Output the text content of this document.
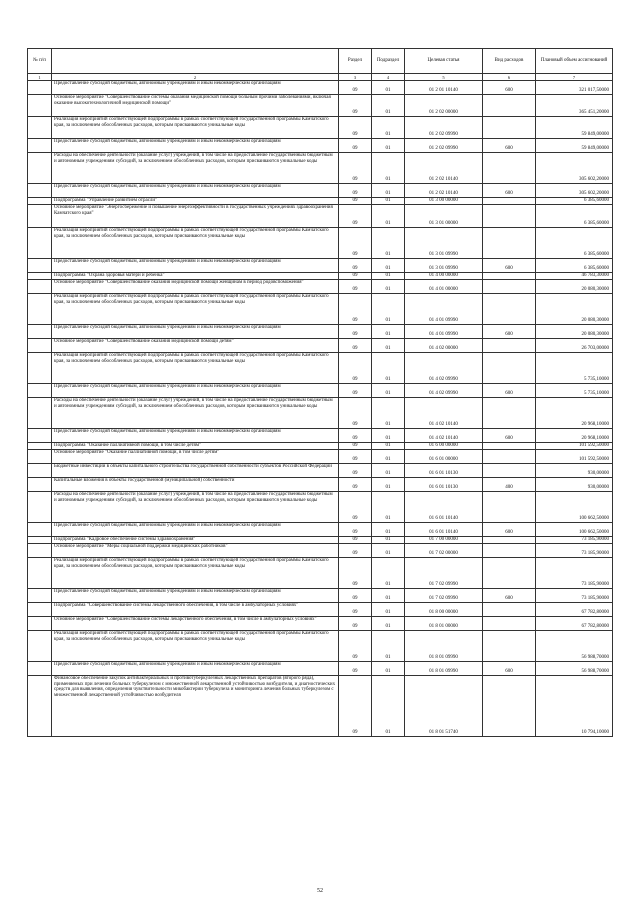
№ п/п		Раздел	Подраздел	Целевая статья	Вид расходов	Плановый объем ассигнований
1	2	3	4	5	6	7
	Предоставление субсидий бюджетным, автономным учреждениям и иным некоммерческим организациям	09	01	01 2 01 10140	600	321 017,50000
	Основное мероприятие "Совершенствование системы оказания медицинской помощи больным прочими заболеваниями, включая оказание высокотехнологичной медицинской помощи"	09	01	01 2 02 00000		365 451,20000
	Реализация мероприятий соответствующей подпрограммы в рамках соответствующей государственной программы Камчатского края, за исключением обособленных расходов, которым присваиваются уникальные коды	09	01	01 2 02 09990		59 849,00000
	Предоставление субсидий бюджетным, автономным учреждениям и иным некоммерческим организациям	09	01	01 2 02 09990	600	59 849,00000
	Расходы на обеспечение деятельности (оказание услуг) учреждений, в том числе на предоставление государственным бюджетным и автономным учреждениям субсидий, за исключением обособленных расходов, которым присваиваются уникальные коды	09	01	01 2 02 10140		305 602,20000
	Предоставление субсидий бюджетным, автономным учреждениям и иным некоммерческим организациям	09	01	01 2 02 10140	600	305 602,20000
	Подпрограмма "Управление развитием отрасли"	09	01	01 3 00 00000		6 385,60000
	Основное мероприятие "Энергосбережение и повышение энергоэффективности в государственных учреждениях здравоохранения Камчатского края"	09	01	01 3 01 00000		6 385,60000
	Реализация мероприятий соответствующей подпрограммы в рамках соответствующей государственной программы Камчатского края, за исключением обособленных расходов, которым присваиваются уникальные коды	09	01	01 3 01 09990		6 385,60000
	Предоставление субсидий бюджетным, автономным учреждениям и иным некоммерческим организациям	09	01	01 3 01 09990	600	6 385,60000
	Подпрограмма "Охрана здоровья матери и ребенка"	09	01	01 4 00 00000		46 783,30000
	Основное мероприятие "Совершенствование оказания медицинской помощи женщинам в период родовспоможения"	09	01	01 4 01 00000		20 080,30000
	Реализация мероприятий соответствующей подпрограммы в рамках соответствующей государственной программы Камчатского края, за исключением обособленных расходов, которым присваиваются уникальные коды	09	01	01 4 01 09990		20 080,30000
	Предоставление субсидий бюджетным, автономным учреждениям и иным некоммерческим организациям	09	01	01 4 01 09990	600	20 080,30000
	Основное мероприятие "Совершенствование оказания медицинской помощи детям"	09	01	01 4 02 00000		26 703,00000
	Реализация мероприятий соответствующей подпрограммы в рамках соответствующей государственной программы Камчатского края, за исключением обособленных расходов, которым присваиваются уникальные коды	09	01	01 4 02 09990		5 735,10000
	Предоставление субсидий бюджетным, автономным учреждениям и иным некоммерческим организациям	09	01	01 4 02 09990	600	5 735,10000
	Расходы на обеспечение деятельности (оказание услуг) учреждений, в том числе на предоставление государственным бюджетным и автономным учреждениям субсидий, за исключением обособленных расходов, которым присваиваются уникальные коды	09	01	01 4 02 10140		20 968,10000
	Предоставление субсидий бюджетным, автономным учреждениям и иным некоммерческим организациям	09	01	01 4 02 10140	600	20 968,10000
	Подпрограмма "Оказание паллиативной помощи, в том числе детям"	09	01	01 6 00 00000		101 592,50000
	Основное мероприятие "Оказание паллиативной помощи, в том числе детям"	09	01	01 6 01 00000		101 592,50000
	Бюджетные инвестиции в объекты капитального строительства государственной собственности субъектов Российской Федерации	09	01	01 6 01 10130		930,00000
	Капитальные вложения в объекты государственной (муниципальной) собственности	09	01	01 6 01 10130	400	930,00000
	Расходы на обеспечение деятельности (оказание услуг) учреждений, в том числе на предоставление государственным бюджетным и автономным учреждениям субсидий, за исключением обособленных расходов, которым присваиваются уникальные коды	09	01	01 6 01 10140		100 662,50000
	Предоставление субсидий бюджетным, автономным учреждениям и иным некоммерческим организациям	09	01	01 6 01 10140	600	100 662,50000
	Подпрограмма "Кадровое обеспечение системы здравоохранения"	09	01	01 7 00 00000		73 185,90000
	Основное мероприятие "Меры социальной поддержки медицинских работников"	09	01	01 7 02 00000		73 185,90000
	Реализация мероприятий соответствующей подпрограммы в рамках соответствующей государственной программы Камчатского края, за исключением обособленных расходов, которым присваиваются уникальные коды	09	01	01 7 02 09990		73 185,90000
	Предоставление субсидий бюджетным, автономным учреждениям и иным некоммерческим организациям	09	01	01 7 02 09990	600	73 185,90000
	Подпрограмма "Совершенствование системы лекарственного обеспечения, в том числе в амбулаторных условиях"	09	01	01 8 00 00000		67 782,80000
	Основное мероприятие "Совершенствование системы лекарственного обеспечения, в том числе в амбулаторных условиях"	09	01	01 8 01 00000		67 782,80000
	Реализация мероприятий соответствующей подпрограммы в рамках соответствующей государственной программы Камчатского края, за исключением обособленных расходов, которым присваиваются уникальные коды	09	01	01 8 01 09990		56 988,70000
	Предоставление субсидий бюджетным, автономным учреждениям и иным некоммерческим организациям	09	01	01 8 01 09990	600	56 988,70000
	Финансовое обеспечение закупок антибактериальных и противотуберкулезных лекарственных препаратов (второго ряда), применяемых при лечении больных туберкулезом с множественной лекарственной устойчивостью возбудителя, и диагностических средств для выявления, определения чувствительности микобактерии туберкулеза и мониторинга лечения больных туберкулезом с множественной лекарственной устойчивостью возбудителя	09	01	01 8 01 51740		10 794,10000
52
